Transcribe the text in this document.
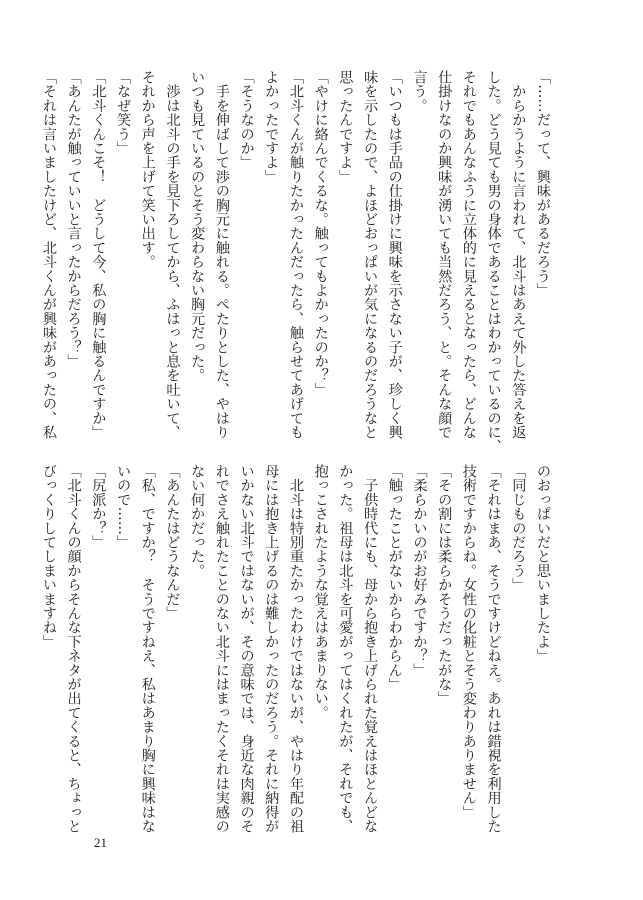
「……だって、興味があるだろう」
　からかうように言われて、北斗はあえて外した答えを返
した。どう見ても男の身体であることはわかっているのに、
それでもあんなふうに立体的に見えるとなったら、どんな
仕掛けなのか興味が湧いても当然だろう、と。そんな顔で
言う。
「いつもは手品の仕掛けに興味を示さない子が、珍しく興
味を示したので、よほどおっぱいが気になるのだろうなと
思ったんですよ」
「やけに絡んでくるな。触ってもよかったのか？」
「北斗くんが触りたかったんだったら、触らせてあげても
よかったですよ」
「そうなのか」
　手を伸ばして渉の胸元に触れる。ぺたりとした、やはり
いつも見ているのとそう変わらない胸元だった。
　渉は北斗の手を見下ろしてから、ふはっと息を吐いて、
それから声を上げて笑い出す。
「なぜ笑う」
「北斗くんこそ！　どうして今、私の胸に触るんですか」
「あんたが触っていいと言ったからだろう？」
「それは言いましたけど、北斗くんが興味があったの、私
のおっぱいだと思いましたよ」
「同じものだろう」
「それはまあ、そうですけどねえ。あれは錯視を利用した
技術ですからね。女性の化粧とそう変わりありません」
「その割には柔らかそうだったがな」
「柔らかいのがお好みですか？」
「触ったことがないからわからん」
　子供時代にも、母から抱き上げられた覚えはほとんどな
かった。祖母は北斗を可愛がってはくれたが、それでも、
抱っこされたような覚えはあまりない。
　北斗は特別重たかったわけではないが、やはり年配の祖
母には抱き上げるのは難しかったのだろう。それに納得が
いかない北斗ではないが、その意味では、身近な肉親のそ
れでさえ触れたことのない北斗にはまったくそれは実感の
ない何かだった。
「あんたはどうなんだ」
「私、ですか？　そうですねえ、私はあまり胸に興味はな
いので……」
「尻派か？」
「北斗くんの顔からそんな下ネタが出てくると、ちょっと
びっくりしてしまいますね」
21
